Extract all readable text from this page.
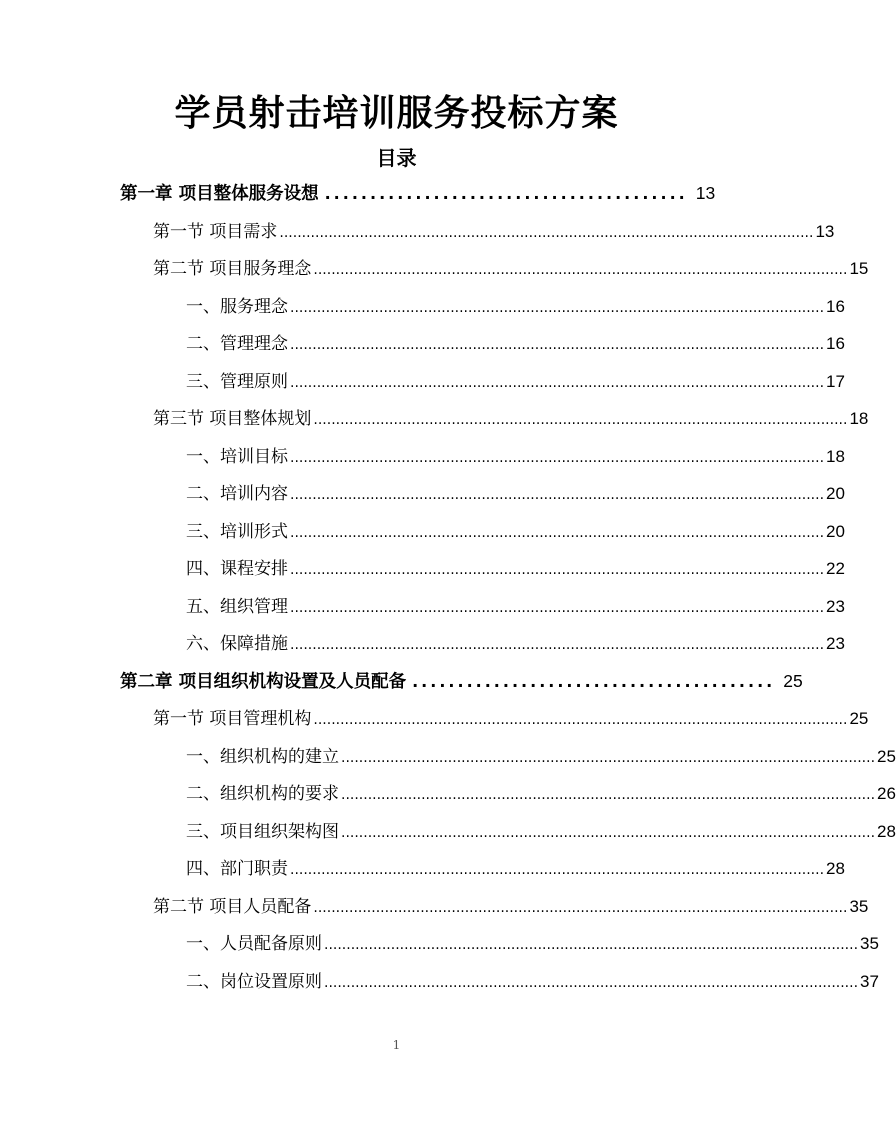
学员射击培训服务投标方案
目录
第一章 项目整体服务设想 ........................................ 13
第一节 项目需求 ........................................................................................................................ 13
第二节 项目服务理念 ........................................................................................................................ 15
一、服务理念 ........................................................................................................................ 16
二、管理理念 ........................................................................................................................ 16
三、管理原则 ........................................................................................................................ 17
第三节 项目整体规划 ........................................................................................................................ 18
一、培训目标 ........................................................................................................................ 18
二、培训内容 ........................................................................................................................ 20
三、培训形式 ........................................................................................................................ 20
四、课程安排 ........................................................................................................................ 22
五、组织管理 ........................................................................................................................ 23
六、保障措施 ........................................................................................................................ 23
第二章 项目组织机构设置及人员配备 ........................................ 25
第一节 项目管理机构 ........................................................................................................................ 25
一、组织机构的建立 ........................................................................................................................ 25
二、组织机构的要求 ........................................................................................................................ 26
三、项目组织架构图 ........................................................................................................................ 28
四、部门职责 ........................................................................................................................ 28
第二节 项目人员配备 ........................................................................................................................ 35
一、人员配备原则 ........................................................................................................................ 35
二、岗位设置原则 ........................................................................................................................ 37
1
